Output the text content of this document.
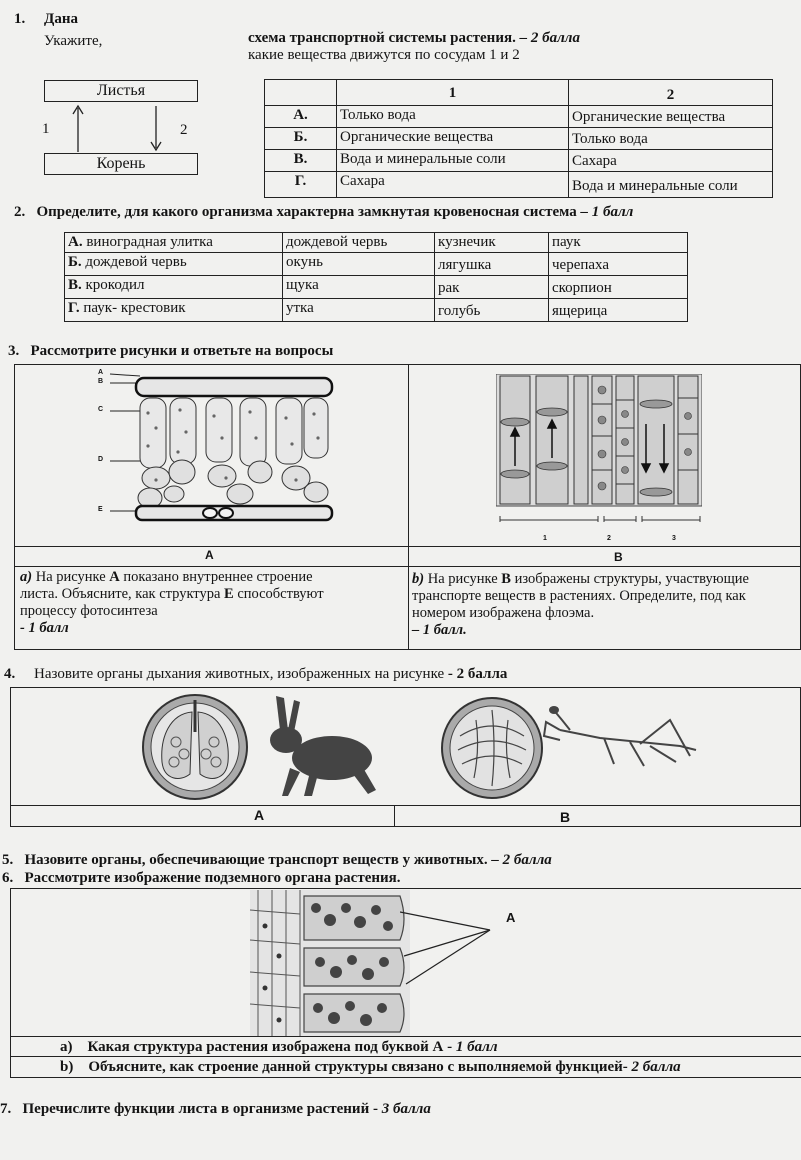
1. Дана
Укажите,	схема транспортной системы растения. – 2 балла
какие вещества движутся по сосудам 1 и 2
Листья
Корень
1	2
	1	2
А.	Только вода	Органические вещества
Б.	Органические вещества	Только вода
В.	Вода и минеральные соли	Сахара
Г.	Сахара	Вода и минеральные соли
2. Определите, для какого организма характерна замкнутая кровеносная система – 1 балл
А. виноградная улитка	дождевой червь	кузнечик	паук
Б. дождевой червь	окунь	лягушка	черепаха
В. крокодил	щука	рак	скорпион
Г. паук- крестовик	утка	голубь	ящерица
3. Рассмотрите рисунки и ответьте на вопросы
A
B
C
D
E
1	2	3
A	B
a) На рисунке A показано внутреннее строение
листа. Объясните, как структура E способствуют
процессу фотосинтеза
- 1 балл
b) На рисунке B изображены структуры, участвующие
транспорте веществ в растениях. Определите, под как
номером изображена флоэма.
– 1 балл.
4. Назовите органы дыхания животных, изображенных на рисунке - 2 балла
A	B
5. Назовите органы, обеспечивающие транспорт веществ у животных. – 2 балла
6. Рассмотрите изображение подземного органа растения.
A
a) Какая структура растения изображена под буквой А - 1 балл
b) Объясните, как строение данной структуры связано с выполняемой функцией- 2 балла
7. Перечислите функции листа в организме растений - 3 балла
